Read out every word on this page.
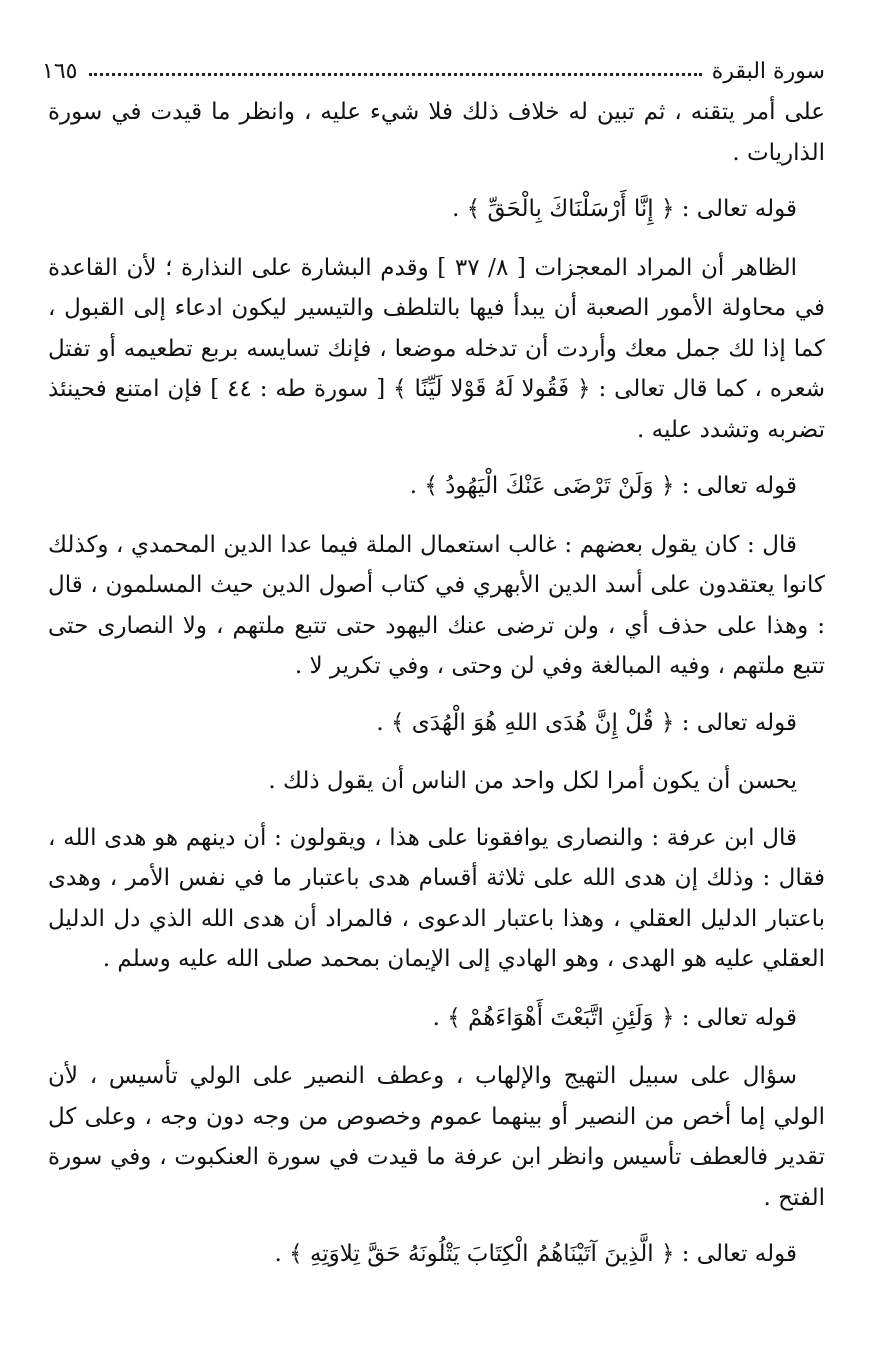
سورة البقرة
١٦٥

على أمر يتقنه ، ثم تبين له خلاف ذلك فلا شيء عليه ، وانظر ما قيدت في سورة الذاريات .

قوله تعالى : ﴿ إِنَّا أَرْسَلْنَاكَ بِالْحَقِّ ﴾ .

الظاهر أن المراد المعجزات [ ٨/ ٣٧ ] وقدم البشارة على النذارة ؛ لأن القاعدة في محاولة الأمور الصعبة أن يبدأ فيها بالتلطف والتيسير ليكون ادعاء إلى القبول ، كما إذا لك جمل معك وأردت أن تدخله موضعا ، فإنك تسايسه بربع تطعيمه أو تفتل شعره ، كما قال تعالى : ﴿ فَقُولا لَهُ قَوْلا لَيِّنًا ﴾ [ سورة طه : ٤٤ ] فإن امتنع فحينئذ تضربه وتشدد عليه .

قوله تعالى : ﴿ وَلَنْ تَرْضَى عَنْكَ الْيَهُودُ ﴾ .

قال : كان يقول بعضهم : غالب استعمال الملة فيما عدا الدين المحمدي ، وكذلك كانوا يعتقدون على أسد الدين الأبهري في كتاب أصول الدين حيث المسلمون ، قال : وهذا على حذف أي ، ولن ترضى عنك اليهود حتى تتبع ملتهم ، ولا النصارى حتى تتبع ملتهم ، وفيه المبالغة وفي لن وحتى ، وفي تكرير لا .

قوله تعالى : ﴿ قُلْ إِنَّ هُدَى اللهِ هُوَ الْهُدَى ﴾ .

يحسن أن يكون أمرا لكل واحد من الناس أن يقول ذلك .

قال ابن عرفة : والنصارى يوافقونا على هذا ، ويقولون : أن دينهم هو هدى الله ، فقال : وذلك إن هدى الله على ثلاثة أقسام هدى باعتبار ما في نفس الأمر ، وهدى باعتبار الدليل العقلي ، وهذا باعتبار الدعوى ، فالمراد أن هدى الله الذي دل الدليل العقلي عليه هو الهدى ، وهو الهادي إلى الإيمان بمحمد صلى الله عليه وسلم .

قوله تعالى : ﴿ وَلَئِنِ اتَّبَعْتَ أَهْوَاءَهُمْ ﴾ .

سؤال على سبيل التهيج والإلهاب ، وعطف النصير على الولي تأسيس ، لأن الولي إما أخص من النصير أو بينهما عموم وخصوص من وجه دون وجه ، وعلى كل تقدير فالعطف تأسيس وانظر ابن عرفة ما قيدت في سورة العنكبوت ، وفي سورة الفتح .

قوله تعالى : ﴿ الَّذِينَ آتَيْنَاهُمُ الْكِتَابَ يَتْلُونَهُ حَقَّ تِلاوَتِهِ ﴾ .
